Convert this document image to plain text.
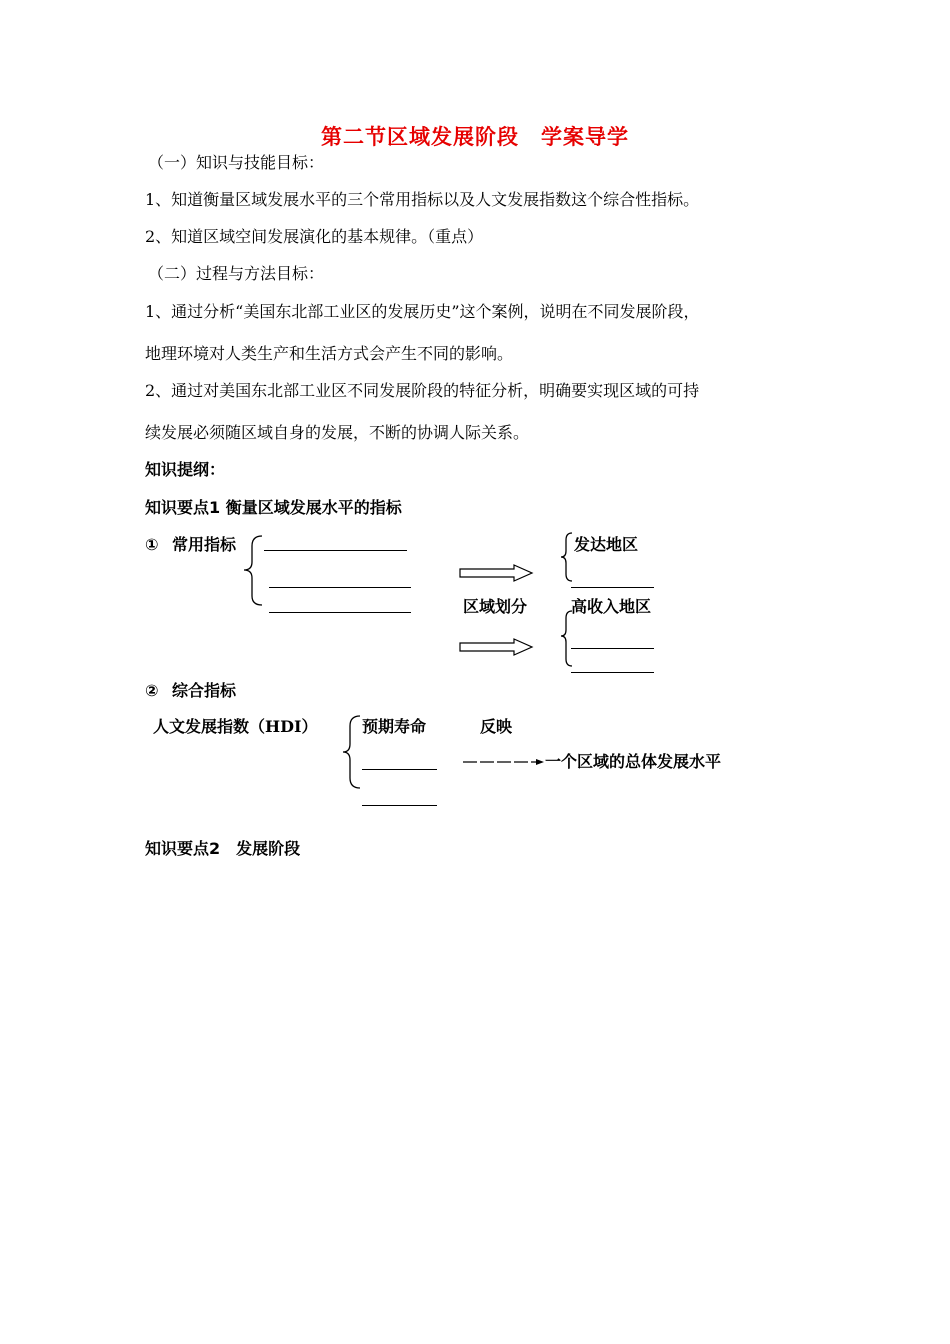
第二节区域发展阶段　学案导学
（一）知识与技能目标：
1、知道衡量区域发展水平的三个常用指标以及人文发展指数这个综合性指标。
2、知道区域空间发展演化的基本规律。（重点）
（二）过程与方法目标：
1、通过分析“美国东北部工业区的发展历史”这个案例，说明在不同发展阶段，
地理环境对人类生产和生活方式会产生不同的影响。
2、通过对美国东北部工业区不同发展阶段的特征分析，明确要实现区域的可持
续发展必须随区域自身的发展，不断的协调人际关系。
知识提纲：
知识要点1 衡量区域发展水平的指标
① 常用指标
区域划分
发达地区
高收入地区
② 综合指标
人文发展指数（HDI）	预期寿命	反映
一个区域的总体发展水平
知识要点2　发展阶段
